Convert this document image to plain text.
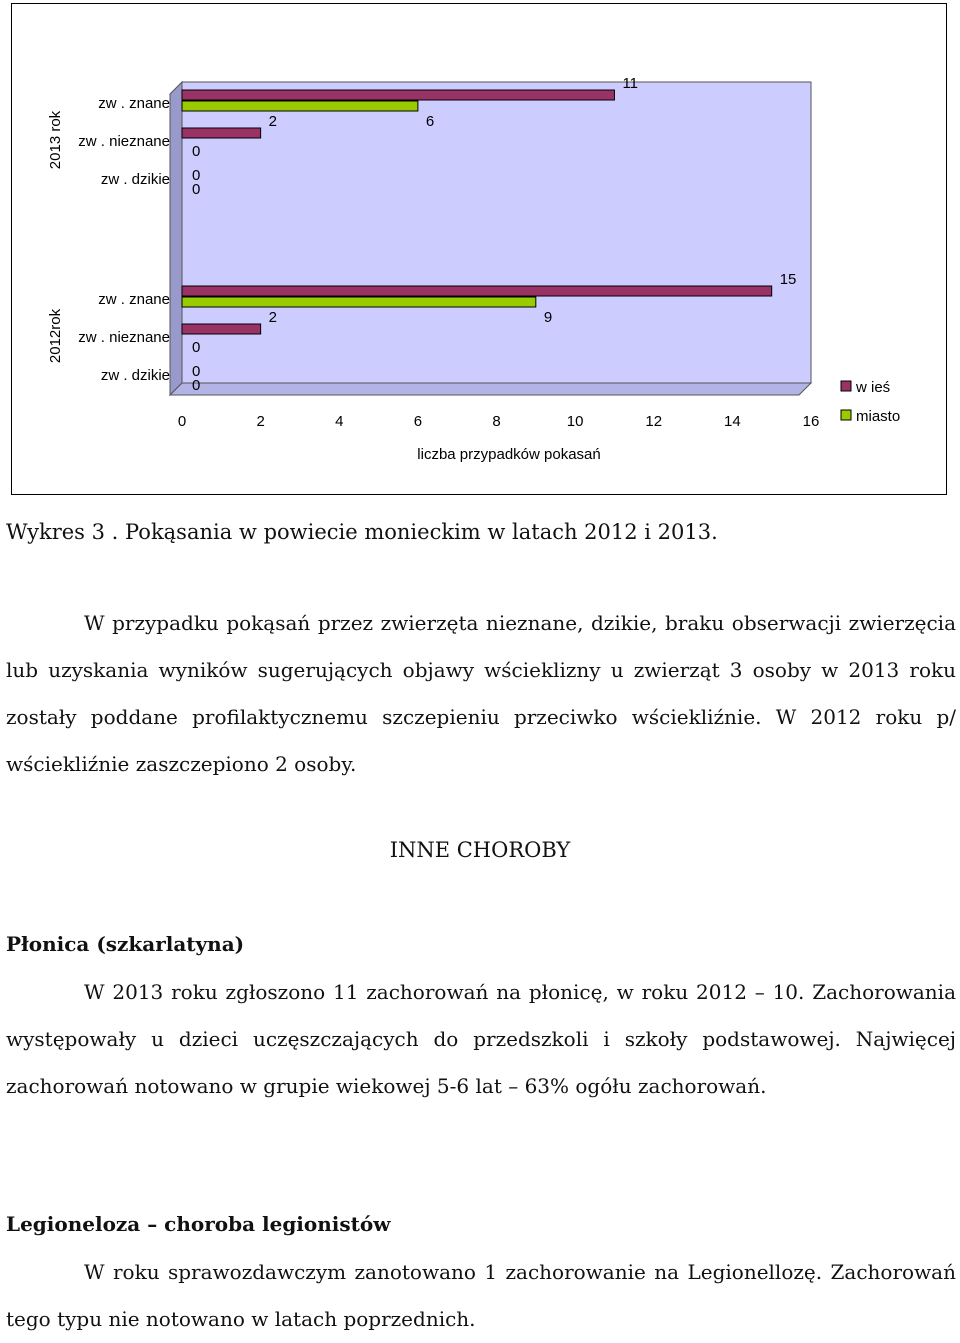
2013 rok
zw . znane
11
6
zw . nieznane
2
0
zw . dzikie 0
0
2012rok
zw . znane
15
9
zw . nieznane
2
0
zw . dzikie 0
0
0	2	4	6	8	10	12	14	16
liczba przypadków pokasań
w ieś
miasto
Wykres 3 . Pokąsania w powiecie monieckim w latach 2012 i 2013.
W przypadku pokąsań przez zwierzęta nieznane, dzikie, braku obserwacji zwierzęcia lub uzyskania wyników sugerujących objawy wścieklizny u zwierząt 3 osoby w 2013 roku zostały poddane profilaktycznemu szczepieniu przeciwko wściekliźnie. W 2012 roku p/ wściekliźnie zaszczepiono 2 osoby.
INNE CHOROBY
Płonica (szkarlatyna)
W 2013 roku zgłoszono 11 zachorowań na płonicę, w roku 2012 – 10. Zachorowania występowały u dzieci uczęszczających do przedszkoli i szkoły podstawowej. Najwięcej zachorowań notowano w grupie wiekowej 5-6 lat – 63% ogółu zachorowań.
Legioneloza – choroba legionistów
W roku sprawozdawczym zanotowano 1 zachorowanie na Legionellozę. Zachorowań tego typu nie notowano w latach poprzednich.
